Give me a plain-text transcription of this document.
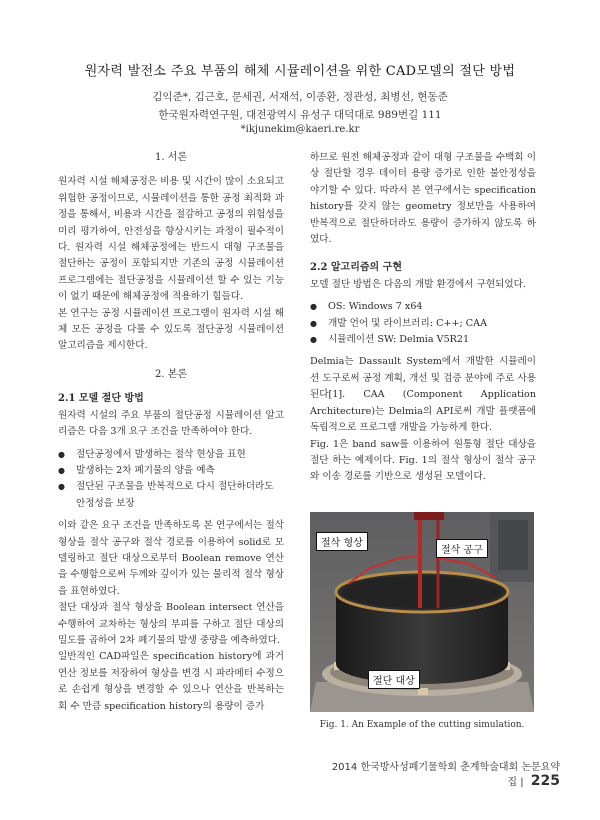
원자력 발전소 주요 부품의 해체 시뮬레이션을 위한 CAD모델의 절단 방법
김익준*, 김근호, 문세권, 서재석, 이종환, 정관성, 최병선, 현동준
한국원자력연구원, 대전광역시 유성구 대덕대로 989번길 111
*ikjunekim@kaeri.re.kr
1. 서론

원자력 시설 해체공정은 비용 및 시간이 많이 소요되고 위험한 공정이므로, 시뮬레이션을 통한 공정 최적화 과정을 통해서, 비용과 시간을 절감하고 공정의 위험성을 미리 평가하여, 안전성을 향상시키는 과정이 필수적이다. 원자력 시설 해체공정에는 반드시 대형 구조물을 절단하는 공정이 포함되지만 기존의 공정 시뮬레이션 프로그램에는 절단공정을 시뮬레이션 할 수 있는 기능이 없기 때문에 해체공정에 적용하기 힘들다.

본 연구는 공정 시뮬레이션 프로그램이 원자력 시설 해체 모든 공정을 다룰 수 있도록 절단공정 시뮬레이션 알고리즘을 제시한다.

2. 본론
2.1 모델 절단 방법

원자력 시설의 주요 부품의 절단공정 시뮬레이션 알고리즘은 다음 3개 요구 조건을 만족하여야 한다.

● 절단공정에서 발생하는 절삭 현상을 표현
● 발생하는 2차 폐기물의 양을 예측
● 절단된 구조물을 반복적으로 다시 절단하더라도 안정성을 보장

이와 같은 요구 조건을 만족하도록 본 연구에서는 절삭 형상을 절삭 공구와 절삭 경로를 이용하여 solid로 모델링하고 절단 대상으로부터 Boolean remove 연산을 수행함으로써 두께와 깊이가 있는 물리적 절삭 형상을 표현하였다.

절단 대상과 절삭 형상을 Boolean intersect 연산을 수행하여 교차하는 형상의 부피를 구하고 절단 대상의 밀도를 곱하여 2차 폐기물의 발생 중량을 예측하였다.

일반적인 CAD파일은 specification history에 과거 연산 정보를 저장하여 형상을 변경 시 파라메터 수정으로 손쉽게 형상을 변경할 수 있으나 연산을 반복하는 회 수 만큼 specification history의 용량이 증가

하므로 원전 해체공정과 같이 대형 구조물을 수백회 이상 절단할 경우 데이터 용량 증가로 인한 불안정성을 야기할 수 있다. 따라서 본 연구에서는 specification history를 갖지 않는 geometry 정보만을 사용하여 반복적으로 절단하더라도 용량이 증가하지 않도록 하였다.

2.2 알고리즘의 구현

모델 절단 방법은 다음의 개발 환경에서 구현되었다.

● OS: Windows 7 x64
● 개발 언어 및 라이브러리: C++; CAA
● 시뮬레이션 SW: Delmia V5R21

Delmia는 Dassault System에서 개발한 시뮬레이션 도구로써 공정 계획, 개선 및 검증 분야에 주로 사용된다[1]. CAA (Component Application Architecture)는 Delmia의 API로써 개발 플랫폼에 독립적으로 프로그램 개발을 가능하게 한다.

Fig. 1은 band saw를 이용하여 원통형 절단 대상을 절단 하는 예제이다. Fig. 1의 절삭 형상이 절삭 공구와 이송 경로를 기반으로 생성된 모델이다.

절삭 형상
절삭 공구
절단 대상
Fig. 1. An Example of the cutting simulation.
2014 한국방사성폐기물학회 춘계학술대회 논문요약집 | 225
